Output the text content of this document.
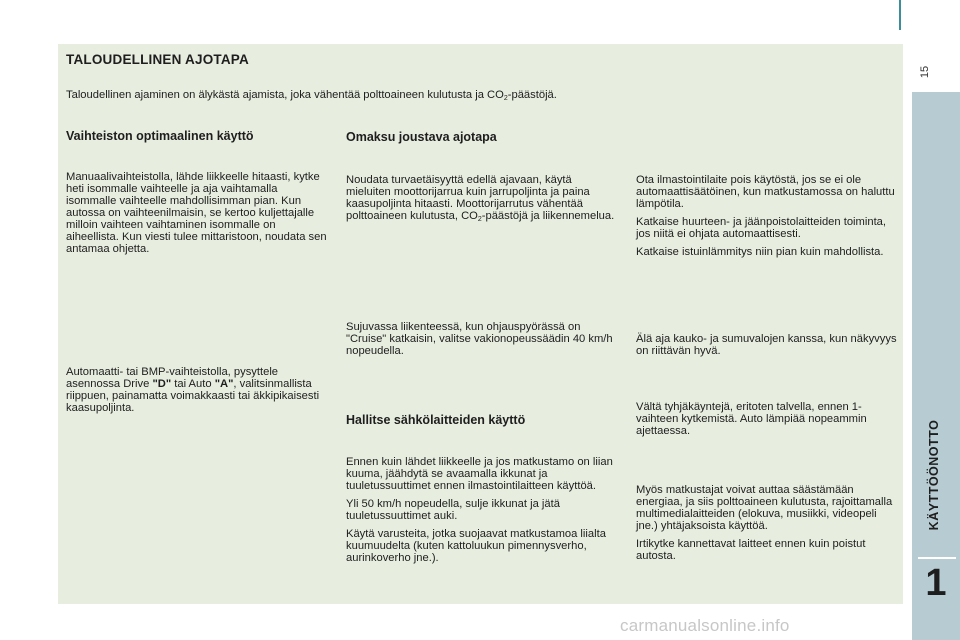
TALOUDELLINEN AJOTAPA
Taloudellinen ajaminen on älykästä ajamista, joka vähentää polttoaineen kulutusta ja $CO_2$-päästöjä.
Vaihteiston optimaalinen käyttö
Manuaalivaihteistolla, lähde liikkeelle hitaasti, kytke heti isommalle vaihteelle ja aja vaihtamalla isommalle vaihteelle mahdollisimman pian. Kun autossa on vaihteenilmaisin, se kertoo kuljettajalle milloin vaihteen vaihtaminen isommalle on aiheellista. Kun viesti tulee mittaristoon, noudata sen antamaa ohjetta.
Automaatti- tai BMP-vaihteistolla, pysyttele asennossa Drive "D" tai Auto "A", valitsinmallista riippuen, painamatta voimakkaasti tai äkkipikaisesti kaasupoljinta.
Omaksu joustava ajotapa
Noudata turvaetäisyyttä edellä ajavaan, käytä mieluiten moottorijarrua kuin jarrupoljinta ja paina kaasupoljinta hitaasti. Moottorijarrutus vähentää polttoaineen kulutusta, $CO_2$-päästöjä ja liikennemelua.
Sujuvassa liikenteessä, kun ohjauspyörässä on "Cruise" katkaisin, valitse vakionopeussäädin 40 km/h nopeudella.
Hallitse sähkölaitteiden käyttö

Ennen kuin lähdet liikkeelle ja jos matkustamo on liian kuuma, jäähdytä se avaamalla ikkunat ja tuuletussuuttimet ennen ilmastointilaitteen käyttöä.

Yli 50 km/h nopeudella, sulje ikkunat ja jätä tuuletussuuttimet auki.

Käytä varusteita, jotka suojaavat matkustamoa liialta kuumuudelta (kuten kattoluukun pimennysverho, aurinkoverho jne.).

Ota ilmastointilaite pois käytöstä, jos se ei ole automaattisäätöinen, kun matkustamossa on haluttu lämpötila.

Katkaise huurteen- ja jäänpoistolaitteiden toiminta, jos niitä ei ohjata automaattisesti.

Katkaise istuinlämmitys niin pian kuin mahdollista.

Älä aja kauko- ja sumuvalojen kanssa, kun näkyvyys on riittävän hyvä.
Vältä tyhjäkäyntejä, eritoten talvella, ennen 1-vaihteen kytkemistä. Auto lämpiää nopeammin ajettaessa.

Myös matkustajat voivat auttaa säästämään energiaa, ja siis polttoaineen kulutusta, rajoittamalla multimedialaitteiden (elokuva, musiikki, videopeli jne.) yhtäjaksoista käyttöä.

Irtikytke kannettavat laitteet ennen kuin poistut autosta.

15
KÄYTTÖÖNOTTO
1
carmanualsonline.info
